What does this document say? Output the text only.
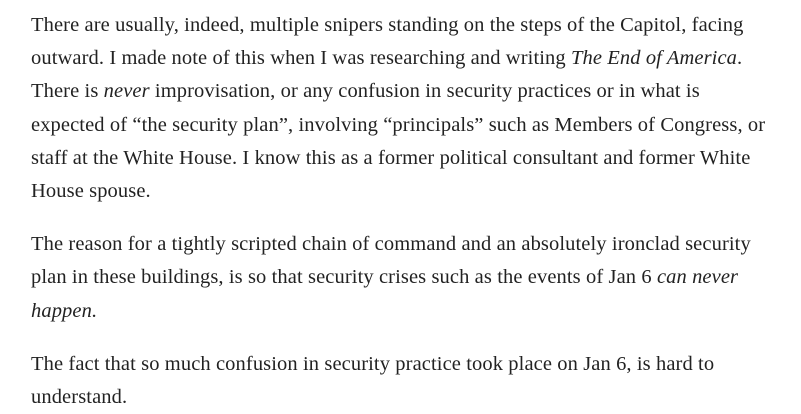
There are usually, indeed, multiple snipers standing on the steps of the Capitol, facing outward. I made note of this when I was researching and writing The End of America. There is never improvisation, or any confusion in security practices or in what is expected of “the security plan”, involving “principals” such as Members of Congress, or staff at the White House. I know this as a former political consultant and former White House spouse.

The reason for a tightly scripted chain of command and an absolutely ironclad security plan in these buildings, is so that security crises such as the events of Jan 6 can never happen.

The fact that so much confusion in security practice took place on Jan 6, is hard to understand.
